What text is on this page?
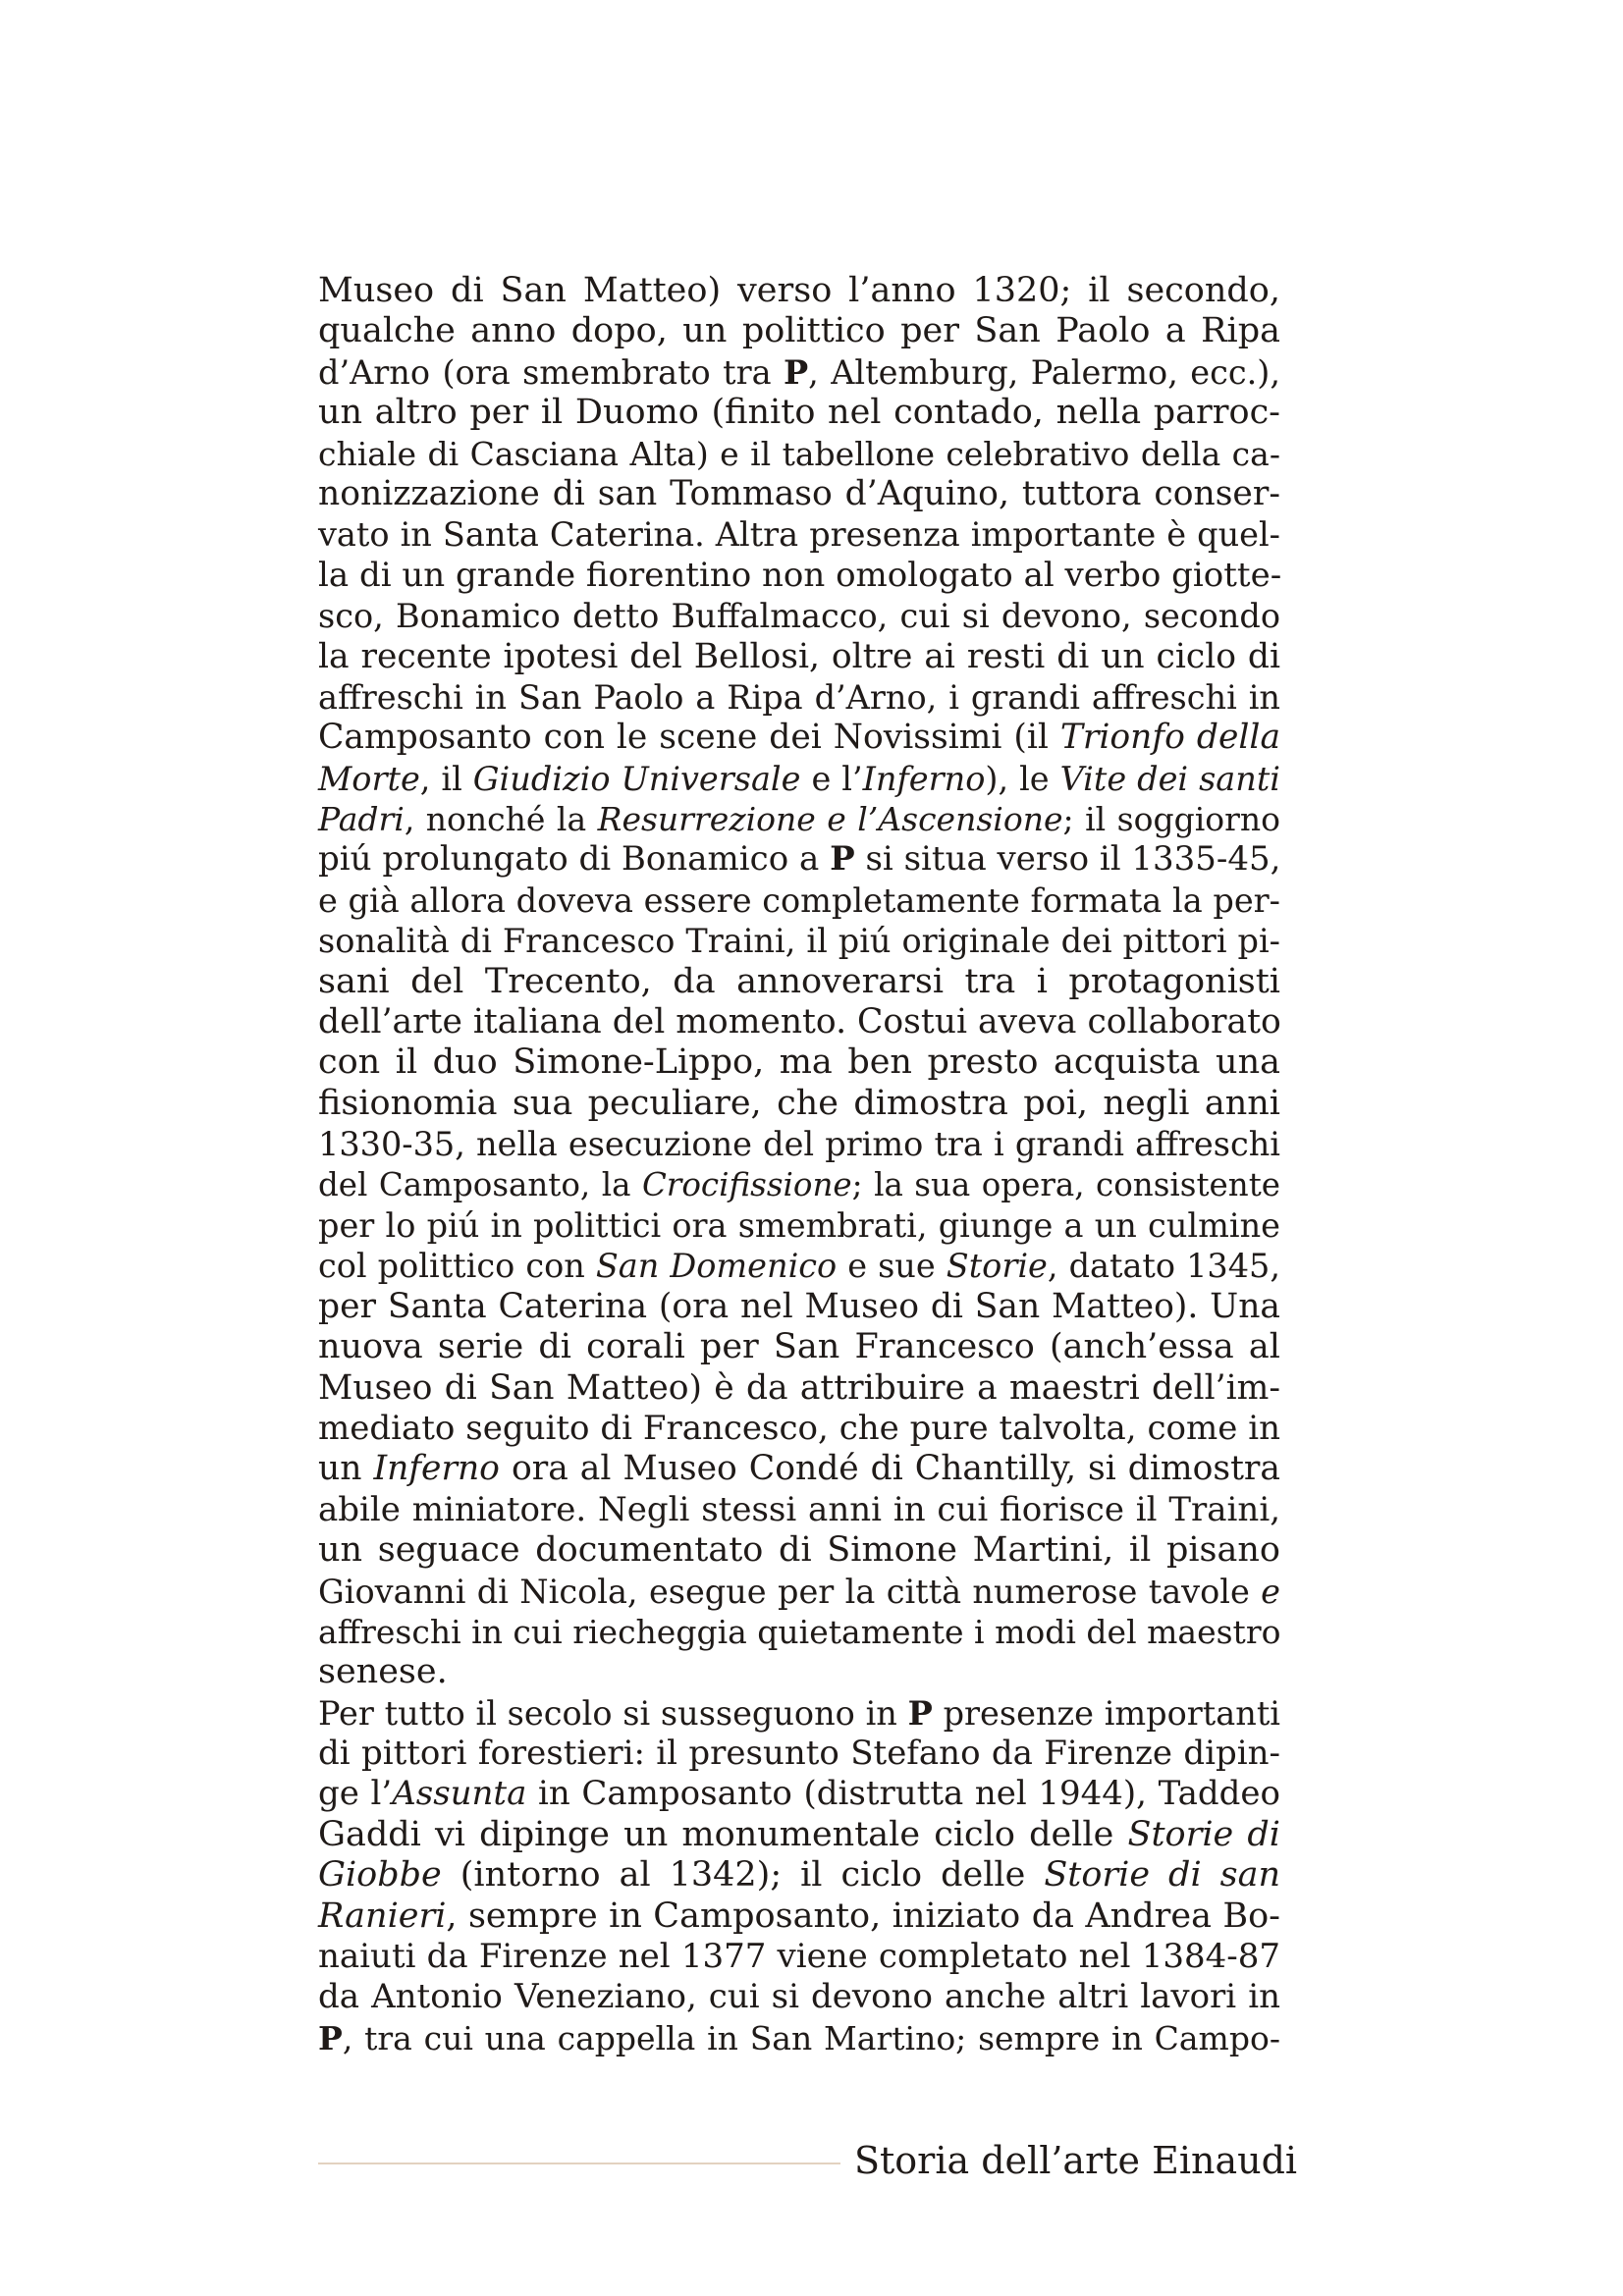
Museo di San Matteo) verso l’anno 1320; il secondo,
qualche anno dopo, un polittico per San Paolo a Ripa
d’Arno (ora smembrato tra P, Altemburg, Palermo, ecc.),
un altro per il Duomo (finito nel contado, nella parroc-
chiale di Casciana Alta) e il tabellone celebrativo della ca-
nonizzazione di san Tommaso d’Aquino, tuttora conser-
vato in Santa Caterina. Altra presenza importante è quel-
la di un grande fiorentino non omologato al verbo giotte-
sco, Bonamico detto Buffalmacco, cui si devono, secondo
la recente ipotesi del Bellosi, oltre ai resti di un ciclo di
affreschi in San Paolo a Ripa d’Arno, i grandi affreschi in
Camposanto con le scene dei Novissimi (il Trionfo della
Morte, il Giudizio Universale e l’Inferno), le Vite dei santi
Padri, nonché la Resurrezione e l’Ascensione; il soggiorno
piú prolungato di Bonamico a P si situa verso il 1335-45,
e già allora doveva essere completamente formata la per-
sonalità di Francesco Traini, il piú originale dei pittori pi-
sani del Trecento, da annoverarsi tra i protagonisti
dell’arte italiana del momento. Costui aveva collaborato
con il duo Simone-Lippo, ma ben presto acquista una
fisionomia sua peculiare, che dimostra poi, negli anni
1330-35, nella esecuzione del primo tra i grandi affreschi
del Camposanto, la Crocifissione; la sua opera, consistente
per lo piú in polittici ora smembrati, giunge a un culmine
col polittico con San Domenico e sue Storie, datato 1345,
per Santa Caterina (ora nel Museo di San Matteo). Una
nuova serie di corali per San Francesco (anch’essa al
Museo di San Matteo) è da attribuire a maestri dell’im-
mediato seguito di Francesco, che pure talvolta, come in
un Inferno ora al Museo Condé di Chantilly, si dimostra
abile miniatore. Negli stessi anni in cui fiorisce il Traini,
un seguace documentato di Simone Martini, il pisano
Giovanni di Nicola, esegue per la città numerose tavole e
affreschi in cui riecheggia quietamente i modi del maestro
senese.
Per tutto il secolo si susseguono in P presenze importanti
di pittori forestieri: il presunto Stefano da Firenze dipin-
ge l’Assunta in Camposanto (distrutta nel 1944), Taddeo
Gaddi vi dipinge un monumentale ciclo delle Storie di
Giobbe (intorno al 1342); il ciclo delle Storie di san
Ranieri, sempre in Camposanto, iniziato da Andrea Bo-
naiuti da Firenze nel 1377 viene completato nel 1384-87
da Antonio Veneziano, cui si devono anche altri lavori in
P, tra cui una cappella in San Martino; sempre in Campo-
Storia dell’arte Einaudi
